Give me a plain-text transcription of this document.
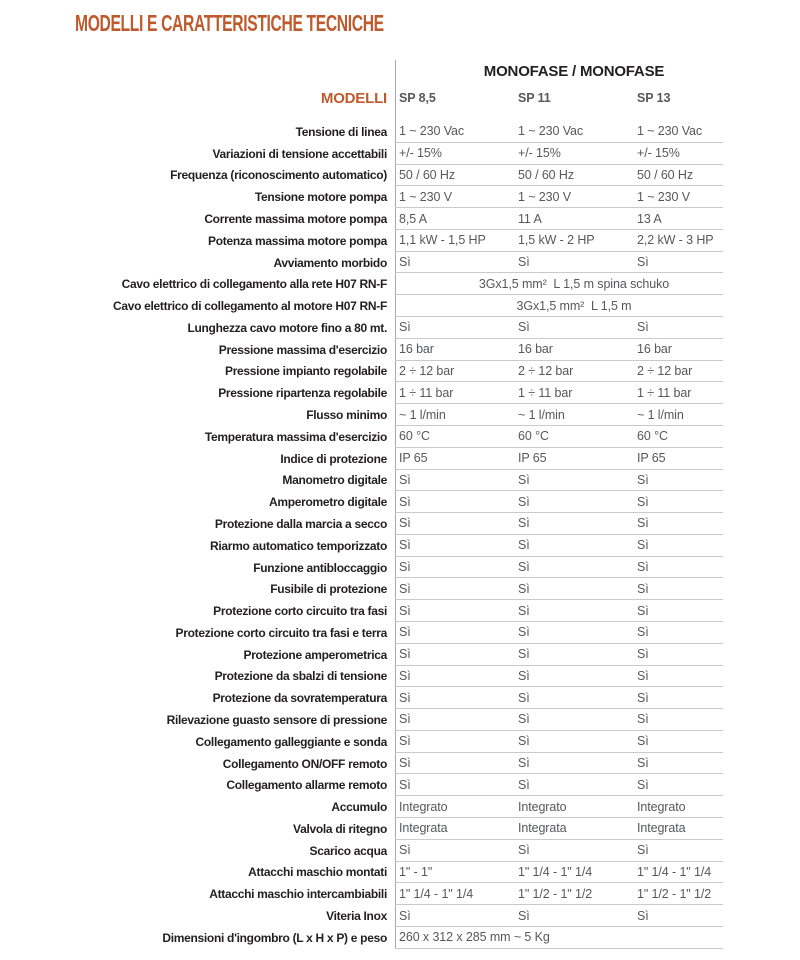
MODELLI E CARATTERISTICHE TECNICHE
MONOFASE / MONOFASE
MODELLI SP 8,5	SP 11	SP 13
Tensione di linea 1 ~ 230 Vac	1 ~ 230 Vac	1 ~ 230 Vac
Variazioni di tensione accettabili +/- 15%	+/- 15%	+/- 15%
Frequenza (riconoscimento automatico) 50 / 60 Hz	50 / 60 Hz	50 / 60 Hz
Tensione motore pompa 1 ~ 230 V	1 ~ 230 V	1 ~ 230 V
Corrente massima motore pompa 8,5 A	11 A	13 A
Potenza massima motore pompa 1,1 kW - 1,5 HP	1,5 kW - 2 HP	2,2 kW - 3 HP
Avviamento morbido Sì	Sì	Sì
Cavo elettrico di collegamento alla rete H07 RN-F	3Gx1,5 mm²  L 1,5 m spina schuko
Cavo elettrico di collegamento al motore H07 RN-F	3Gx1,5 mm²  L 1,5 m
Lunghezza cavo motore fino a 80 mt. Sì	Sì	Sì
Pressione massima d'esercizio 16 bar	16 bar	16 bar
Pressione impianto regolabile 2 ÷ 12 bar	2 ÷ 12 bar	2 ÷ 12 bar
Pressione ripartenza regolabile 1 ÷ 11 bar	1 ÷ 11 bar	1 ÷ 11 bar
Flusso minimo ~ 1 l/min	~ 1 l/min	~ 1 l/min
Temperatura massima d'esercizio 60 °C	60 °C	60 °C
Indice di protezione IP 65	IP 65	IP 65
Manometro digitale Sì	Sì	Sì
Amperometro digitale Sì	Sì	Sì
Protezione dalla marcia a secco Sì	Sì	Sì
Riarmo automatico temporizzato Sì	Sì	Sì
Funzione antibloccaggio Sì	Sì	Sì
Fusibile di protezione Sì	Sì	Sì
Protezione corto circuito tra fasi Sì	Sì	Sì
Protezione corto circuito tra fasi e terra Sì	Sì	Sì
Protezione amperometrica Sì	Sì	Sì
Protezione da sbalzi di tensione Sì	Sì	Sì
Protezione da sovratemperatura Sì	Sì	Sì
Rilevazione guasto sensore di pressione Sì	Sì	Sì
Collegamento galleggiante e sonda Sì	Sì	Sì
Collegamento ON/OFF remoto Sì	Sì	Sì
Collegamento allarme remoto Sì	Sì	Sì
Accumulo Integrato	Integrato	Integrato
Valvola di ritegno Integrata	Integrata	Integrata
Scarico acqua Sì	Sì	Sì
Attacchi maschio montati 1" - 1"	1" 1/4 - 1" 1/4	1" 1/4 - 1" 1/4
Attacchi maschio intercambiabili 1" 1/4 - 1" 1/4	1" 1/2 - 1" 1/2	1" 1/2 - 1" 1/2
Viteria Inox Sì	Sì	Sì
Dimensioni d'ingombro (L x H x P) e peso 260 x 312 x 285 mm ~ 5 Kg
